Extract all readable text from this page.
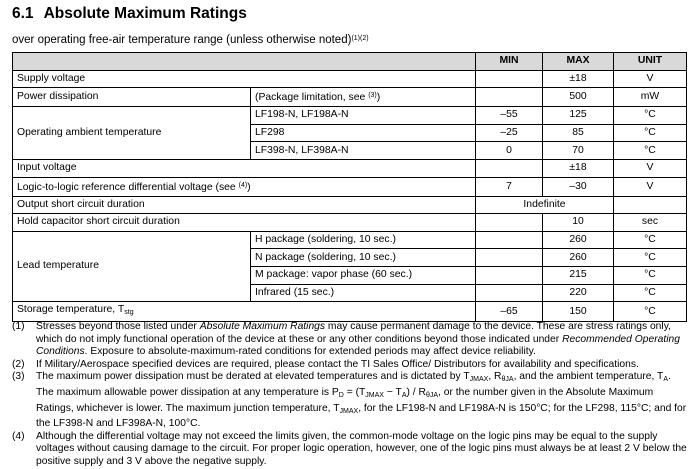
6.1 Absolute Maximum Ratings
over operating free-air temperature range (unless otherwise noted)$^{(1)(2)}$
		MIN	MAX	UNIT
Supply voltage			±18	V
Power dissipation	(Package limitation, see $^{(3)}$)		500	mW
Operating ambient temperature	LF198-N, LF198A-N	–55	125	°C
	LF298	–25	85	°C
	LF398-N, LF398A-N	0	70	°C
Input voltage			±18	V
Logic-to-logic reference differential voltage (see $^{(4)}$)		7	–30	V
Output short circuit duration		Indefinite		
Hold capacitor short circuit duration			10	sec
Lead temperature	H package (soldering, 10 sec.)		260	°C
	N package (soldering, 10 sec.)		260	°C
	M package: vapor phase (60 sec.)		215	°C
	Infrared (15 sec.)		220	°C
Storage temperature, $T_{stg}$		–65	150	°C
(1)	Stresses beyond those listed under Absolute Maximum Ratings may cause permanent damage to the device. These are stress ratings only, which do not imply functional operation of the device at these or any other conditions beyond those indicated under Recommended Operating Conditions. Exposure to absolute-maximum-rated conditions for extended periods may affect device reliability.
(2)	If Military/Aerospace specified devices are required, please contact the TI Sales Office/ Distributors for availability and specifications.
(3)	The maximum power dissipation must be derated at elevated temperatures and is dictated by $T_{JMAX}$, $R_{\theta JA}$, and the ambient temperature, $T_A$. The maximum allowable power dissipation at any temperature is $P_D = (T_{JMAX} - T_A) / R_{\theta JA}$, or the number given in the Absolute Maximum Ratings, whichever is lower. The maximum junction temperature, $T_{JMAX}$, for the LF198-N and LF198A-N is 150°C; for the LF298, 115°C; and for the LF398-N and LF398A-N, 100°C.
(4)	Although the differential voltage may not exceed the limits given, the common-mode voltage on the logic pins may be equal to the supply voltages without causing damage to the circuit. For proper logic operation, however, one of the logic pins must always be at least 2 V below the positive supply and 3 V above the negative supply.
